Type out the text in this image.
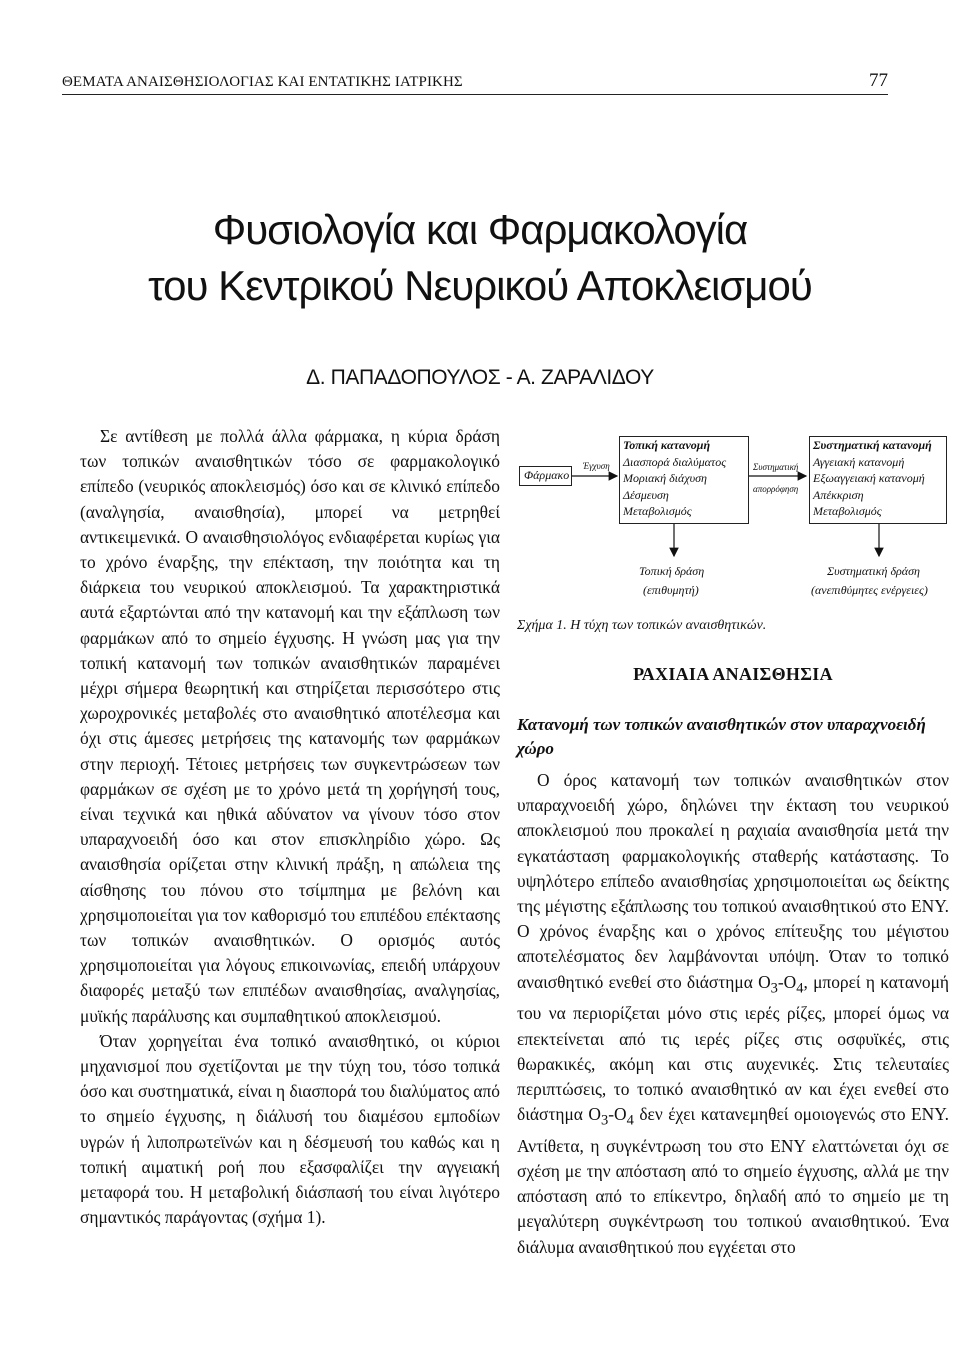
ΘΕΜΑΤΑ ΑΝΑΙΣΘΗΣΙΟΛΟΓΙΑΣ ΚΑΙ ΕΝΤΑΤΙΚΗΣ ΙΑΤΡΙΚΗΣ	77
Φυσιολογία και Φαρμακολογία
του Κεντρικού Νευρικού Αποκλεισμού
Δ. ΠΑΠΑΔΟΠΟΥΛΟΣ - Α. ΖΑΡΑΛΙΔΟΥ

Σε αντίθεση με πολλά άλλα φάρμακα, η κύρια δράση των τοπικών αναισθητικών τόσο σε φαρμακολογικό επίπεδο (νευρικός αποκλεισμός) όσο και σε κλινικό επίπεδο (αναλγησία, αναισθησία), μπορεί να μετρηθεί αντικειμενικά. Ο αναισθησιολόγος ενδιαφέρεται κυρίως για το χρόνο έναρξης, την επέκταση, την ποιότητα και τη διάρκεια του νευρικού αποκλεισμού. Τα χαρακτηριστικά αυτά εξαρτώνται από την κατανομή και την εξάπλωση των φαρμάκων από το σημείο έγχυσης. Η γνώση μας για την τοπική κατανομή των τοπικών αναισθητικών παραμένει μέχρι σήμερα θεωρητική και στηρίζεται περισσότερο στις χωροχρονικές μεταβολές στο αναισθητικό αποτέλεσμα και όχι στις άμεσες μετρήσεις της κατανομής των φαρμάκων στην περιοχή. Τέτοιες μετρήσεις των συγκεντρώσεων των φαρμάκων σε σχέση με το χρόνο μετά τη χορήγησή τους, είναι τεχνικά και ηθικά αδύνατον να γίνουν τόσο στον υπαραχνοειδή όσο και στον επισκληρίδιο χώρο. Ως αναισθησία ορίζεται στην κλινική πράξη, η απώλεια της αίσθησης του πόνου στο τσίμπημα με βελόνη και χρησιμοποιείται για τον καθορισμό του επιπέδου επέκτασης των τοπικών αναισθητικών. Ο ορισμός αυτός χρησιμοποιείται για λόγους επικοινωνίας, επειδή υπάρχουν διαφορές μεταξύ των επιπέδων αναισθησίας, αναλγησίας, μυϊκής παράλυσης και συμπαθητικού αποκλεισμού.

Όταν χορηγείται ένα τοπικό αναισθητικό, οι κύριοι μηχανισμοί που σχετίζονται με την τύχη του, τόσο τοπικά όσο και συστηματικά, είναι η διασπορά του διαλύματος από το σημείο έγχυσης, η διάλυσή του διαμέσου εμποδίων υγρών ή λιποπρωτεϊνών και η δέσμευσή του καθώς και η τοπική αιματική ροή που εξασφαλίζει την αγγειακή μεταφορά του. Η μεταβολική διάσπασή του είναι λιγότερο σημαντικός παράγοντας (σχήμα 1).

Φάρμακο
Έγχυση
Τοπική κατανομή
Διασπορά διαλύματος
Μοριακή διάχυση
Δέσμευση
Μεταβολισμός
Συστηματική
απορρόφηση
Συστηματική κατανομή
Αγγειακή κατανομή
Εξωαγγειακή κατανομή
Απέκκριση
Μεταβολισμός
Τοπική δράση
(επιθυμητή)
Συστηματική δράση
(ανεπιθύμητες ενέργειες)
Σχήμα 1. Η τύχη των τοπικών αναισθητικών.
ΡΑΧΙΑΙΑ ΑΝΑΙΣΘΗΣΙΑ
Κατανομή των τοπικών αναισθητικών στον υπαραχνοειδή χώρο

Ο όρος κατανομή των τοπικών αναισθητικών στον υπαραχνοειδή χώρο, δηλώνει την έκταση του νευρικού αποκλεισμού που προκαλεί η ραχιαία αναισθησία μετά την εγκατάσταση φαρμακολογικής σταθερής κατάστασης. Το υψηλότερο επίπεδο αναισθησίας χρησιμοποιείται ως δείκτης της μέγιστης εξάπλωσης του τοπικού αναισθητικού στο ΕΝΥ. Ο χρόνος έναρξης και ο χρόνος επίτευξης του μέγιστου αποτελέσματος δεν λαμβάνονται υπόψη. Όταν το τοπικό αναισθητικό ενεθεί στο διάστημα $O_3-O_4$, μπορεί η κατανομή του να περιορίζεται μόνο στις ιερές ρίζες, μπορεί όμως να επεκτείνεται από τις ιερές ρίζες στις οσφυϊκές, στις θωρακικές, ακόμη και στις αυχενικές. Στις τελευταίες περιπτώσεις, το τοπικό αναισθητικό αν και έχει ενεθεί στο διάστημα $O_3-O_4$ δεν έχει κατανεμηθεί ομοιογενώς στο ΕΝΥ. Αντίθετα, η συγκέντρωση του στο ΕΝΥ ελαττώνεται όχι σε σχέση με την απόσταση από το σημείο έγχυσης, αλλά με την απόσταση από το επίκεντρο, δηλαδή από το σημείο με τη μεγαλύτερη συγκέντρωση του τοπικού αναισθητικού. Ένα διάλυμα αναισθητικού που εγχέεται στο
